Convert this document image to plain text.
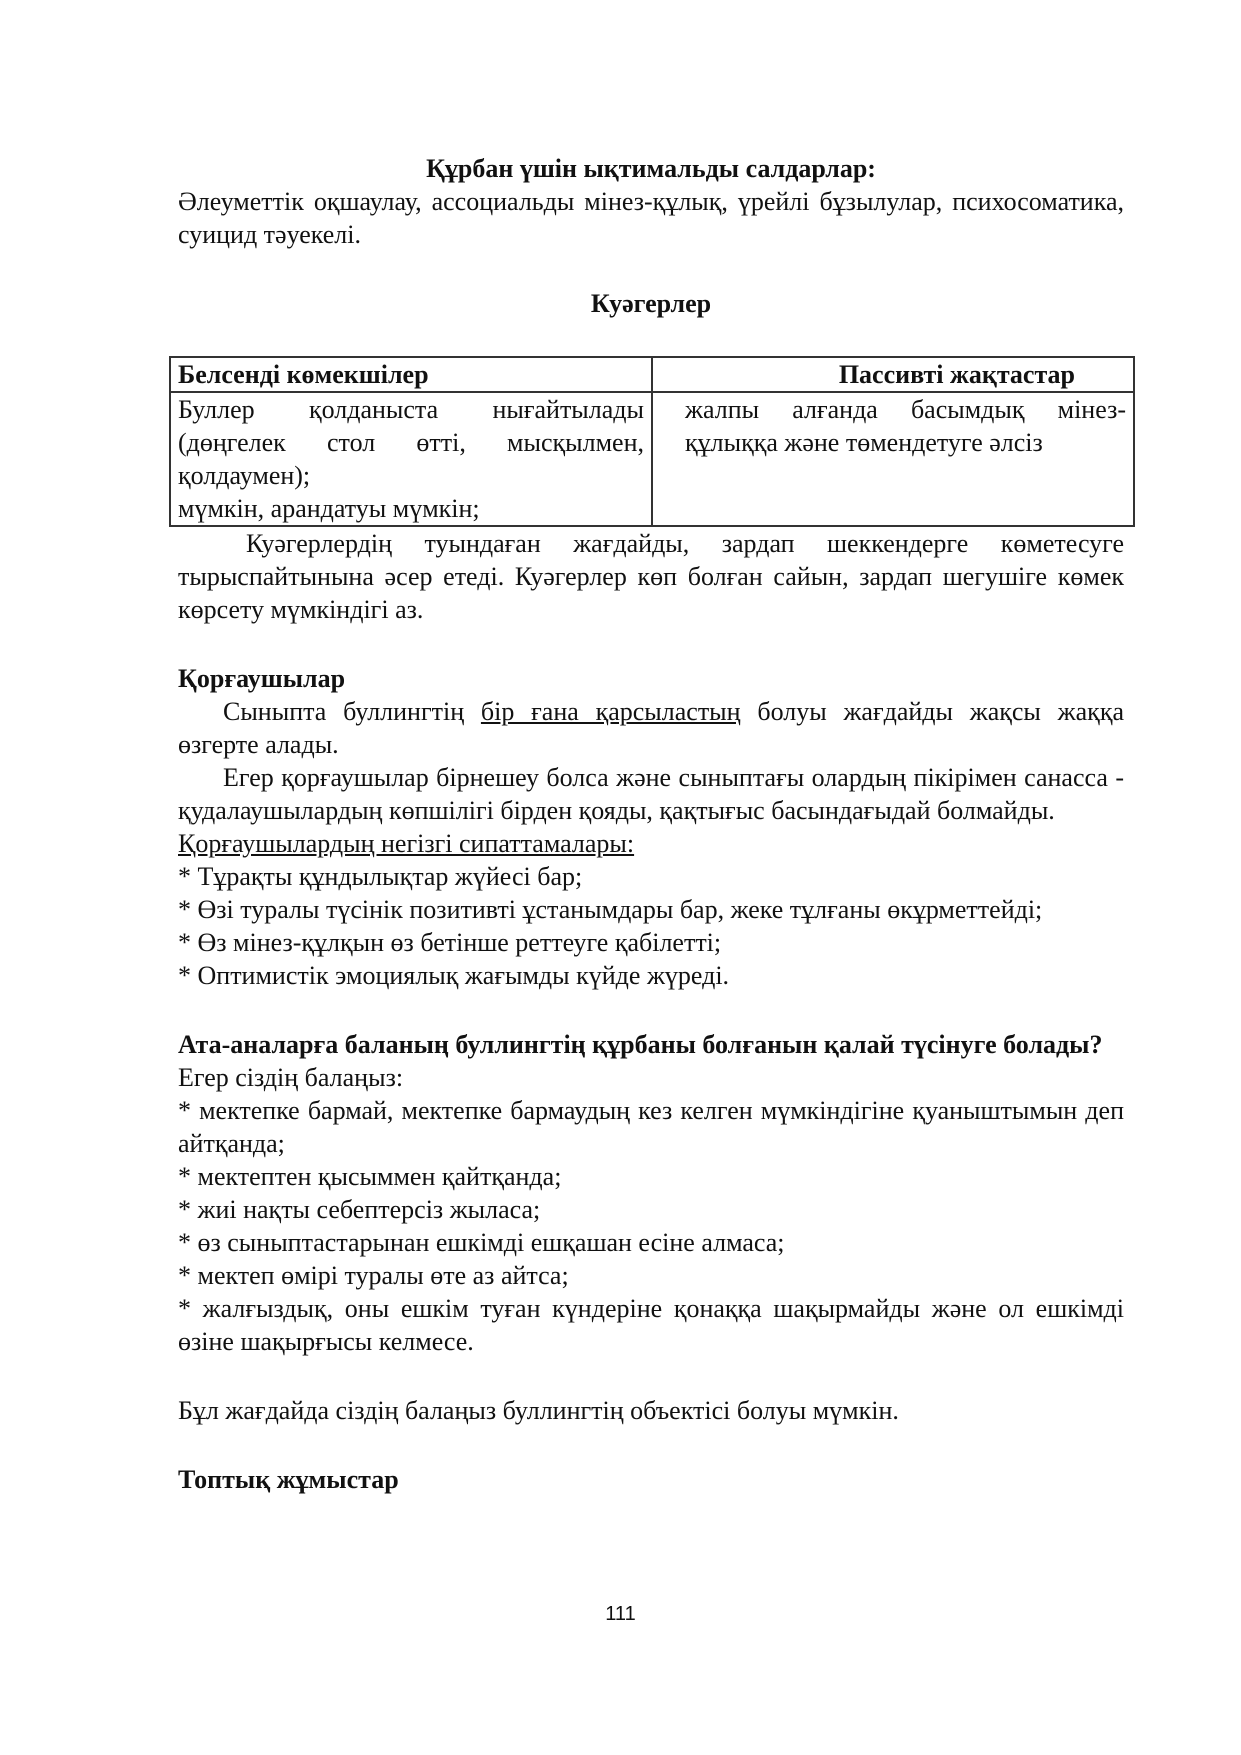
Құрбан үшін ықтимальды салдарлар:

Әлеуметтік оқшаулау, ассоциальды мінез-құлық, үрейлі бұзылулар, психосоматика, суицид тәуекелі.

Куәгерлер

Белсенді көмекшілер	Пассивті жақтастар

Буллер қолданыста нығайтылады (дөңгелек стол өтті, мысқылмен, қолдаумен);
мүмкін, арандатуы мүмкін;	жалпы алғанда басымдық мінез-құлыққа және төмендетуге әлсіз

Куәгерлердің туындаған жағдайды, зардап шеккендерге көметесуге тырыспайтынына әсер етеді. Куәгерлер көп болған сайын, зардап шегушіге көмек көрсету мүмкіндігі аз.

Қорғаушылар

Сыныпта буллингтің бір ғана қарсыластың болуы жағдайды жақсы жаққа өзгерте алады.

Егер қорғаушылар бірнешеу болса және сыныптағы олардың пікірімен санасса - қудалаушылардың көпшілігі бірден қояды, қақтығыс басындағыдай болмайды.

Қорғаушылардың негізгі сипаттамалары:

* Тұрақты құндылықтар жүйесі бар;

* Өзі туралы түсінік позитивті ұстанымдары бар, жеке тұлғаны өкұрметтейді;

* Өз мінез-құлқын өз бетінше реттеуге қабілетті;

* Оптимистік эмоциялық жағымды күйде жүреді.

Ата-аналарға баланың буллингтің құрбаны болғанын қалай түсінуге болады?

Егер сіздің балаңыз:

* мектепке бармай, мектепке бармаудың кез келген мүмкіндігіне қуаныштымын деп айтқанда;

* мектептен қысыммен қайтқанда;

* жиі нақты себептерсіз жыласа;

* өз сыныптастарынан ешкімді ешқашан есіне алмаса;

* мектеп өмірі туралы өте аз айтса;

* жалғыздық, оны ешкім туған күндеріне қонаққа шақырмайды және ол ешкімді өзіне шақырғысы келмесе.

Бұл жағдайда сіздің балаңыз буллингтің объектісі болуы мүмкін.

Топтық жұмыстар

111
